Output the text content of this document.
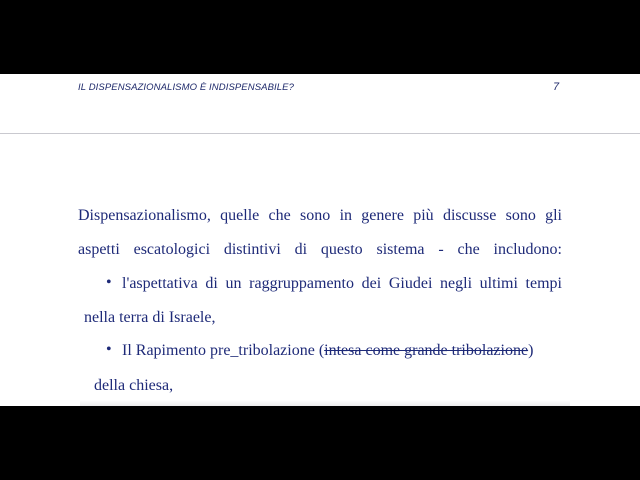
IL DISPENSAZIONALISMO È INDISPENSABILE?	7
Dispensazionalismo, quelle che sono in genere più discusse sono gli
aspetti escatologici distintivi di questo sistema - che includono:
• l'aspettativa di un raggruppamento dei Giudei negli ultimi tempi
nella terra di Israele,
• Il Rapimento pre_tribolazione (intesa come grande tribolazione)
della chiesa,
